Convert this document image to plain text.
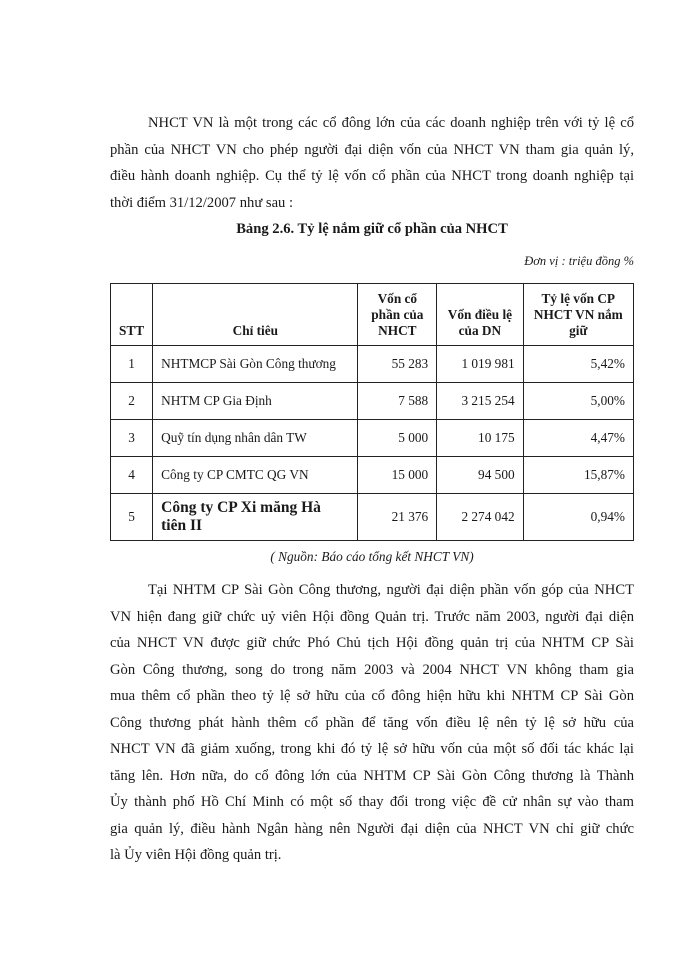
NHCT VN là một trong các cổ đông lớn của các doanh nghiệp trên với tỷ lệ cổ
phần của NHCT VN cho phép người đại diện vốn của NHCT VN tham gia quản lý,
điều hành doanh nghiệp. Cụ thể tỷ lệ vốn cổ phần của NHCT trong doanh nghiệp tại
thời điểm 31/12/2007 như sau :

Bảng 2.6. Tỷ lệ nắm giữ cổ phần của NHCT

Đơn vị : triệu đồng %

STT	Chỉ tiêu	Vốn cổ phần của NHCT	Vốn điều lệ của DN	Tỷ lệ vốn CP NHCT VN nắm giữ
1	NHTMCP Sài Gòn Công thương	55 283	1 019 981	5,42%
2	NHTM CP Gia Định	7 588	3 215 254	5,00%
3	Quỹ tín dụng nhân dân TW	5 000	10 175	4,47%
4	Công ty CP CMTC QG VN	15 000	94 500	15,87%
5	Công ty CP Xi măng Hà tiên II	21 376	2 274 042	0,94%

( Nguồn: Báo cáo tổng kết NHCT VN)

Tại NHTM CP Sài Gòn Công thương, người đại diện phần vốn góp của NHCT
VN hiện đang giữ chức uỷ viên Hội đồng Quản trị. Trước năm 2003, người đại diện
của NHCT VN được giữ chức Phó Chủ tịch Hội đồng quản trị của NHTM CP Sài
Gòn Công thương, song do trong năm 2003 và 2004 NHCT VN không tham gia
mua thêm cổ phần theo tỷ lệ sở hữu của cổ đông hiện hữu khi NHTM CP Sài Gòn
Công thương phát hành thêm cổ phần để tăng vốn điều lệ nên tỷ lệ sở hữu của
NHCT VN đã giảm xuống, trong khi đó tỷ lệ sở hữu vốn của một số đối tác khác lại
tăng lên. Hơn nữa, do cổ đông lớn của NHTM CP Sài Gòn Công thương là Thành
Ủy thành phố Hồ Chí Minh có một số thay đổi trong việc đề cử nhân sự vào tham
gia quản lý, điều hành Ngân hàng nên Người đại diện của NHCT VN chỉ giữ chức
là Ủy viên Hội đồng quản trị.
